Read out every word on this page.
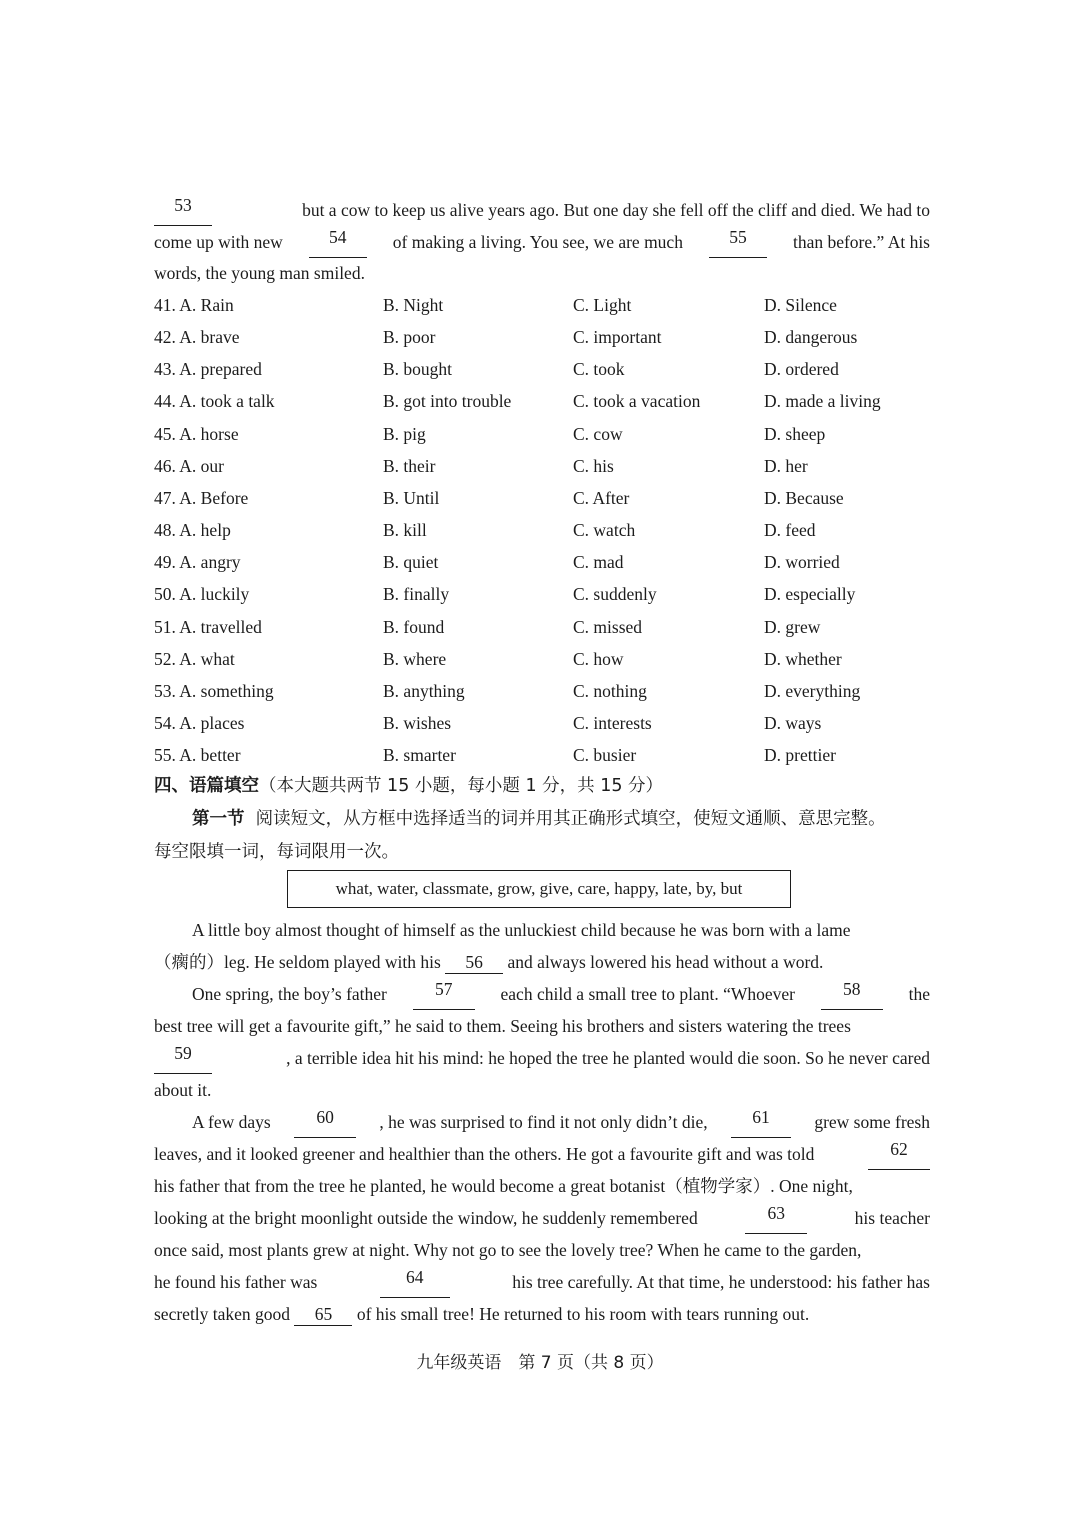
53	but a cow to keep us alive years ago. But one day she fell off the cliff and died. We had to
come up with new	54	of making a living. You see, we are much	55	than before.” At his
words, the young man smiled.
41. A. Rain	B. Night	C. Light	D. Silence
42. A. brave	B. poor	C. important	D. dangerous
43. A. prepared	B. bought	C. took	D. ordered
44. A. took a talk	B. got into trouble	C. took a vacation	D. made a living
45. A. horse	B. pig	C. cow	D. sheep
46. A. our	B. their	C. his	D. her
47. A. Before	B. Until	C. After	D. Because
48. A. help	B. kill	C. watch	D. feed
49. A. angry	B. quiet	C. mad	D. worried
50. A. luckily	B. finally	C. suddenly	D. especially
51. A. travelled	B. found	C. missed	D. grew
52. A. what	B. where	C. how	D. whether
53. A. something	B. anything	C. nothing	D. everything
54. A. places	B. wishes	C. interests	D. ways
55. A. better	B. smarter	C. busier	D. prettier
四、语篇填空（本大题共两节 15 小题，每小题 1 分，共 15 分）
第一节 阅读短文，从方框中选择适当的词并用其正确形式填空，使短文通顺、意思完整。
每空限填一词，每词限用一次。
what, water, classmate, grow, give, care, happy, late, by, but
A little boy almost thought of himself as the unluckiest child because he was born with a lame
（瘸的）leg. He seldom played with his 56 and always lowered his head without a word.
One spring, the boy’s father	57	each child a small tree to plant. “Whoever	58	the
best tree will get a favourite gift,” he said to them. Seeing his brothers and sisters watering the trees
59	, a terrible idea hit his mind: he hoped the tree he planted would die soon. So he never cared
about it.
A few days	60	, he was surprised to find it not only didn’t die,	61	grew some fresh
leaves, and it looked greener and healthier than the others. He got a favourite gift and was told	62
his father that from the tree he planted, he would become a great botanist（植物学家）. One night,
looking at the bright moonlight outside the window, he suddenly remembered	63	his teacher
once said, most plants grew at night. Why not go to see the lovely tree? When he came to the garden,
he found his father was	64	his tree carefully. At that time, he understood: his father has
secretly taken good 65 of his small tree! He returned to his room with tears running out.
九年级英语　第 7 页（共 8 页）
